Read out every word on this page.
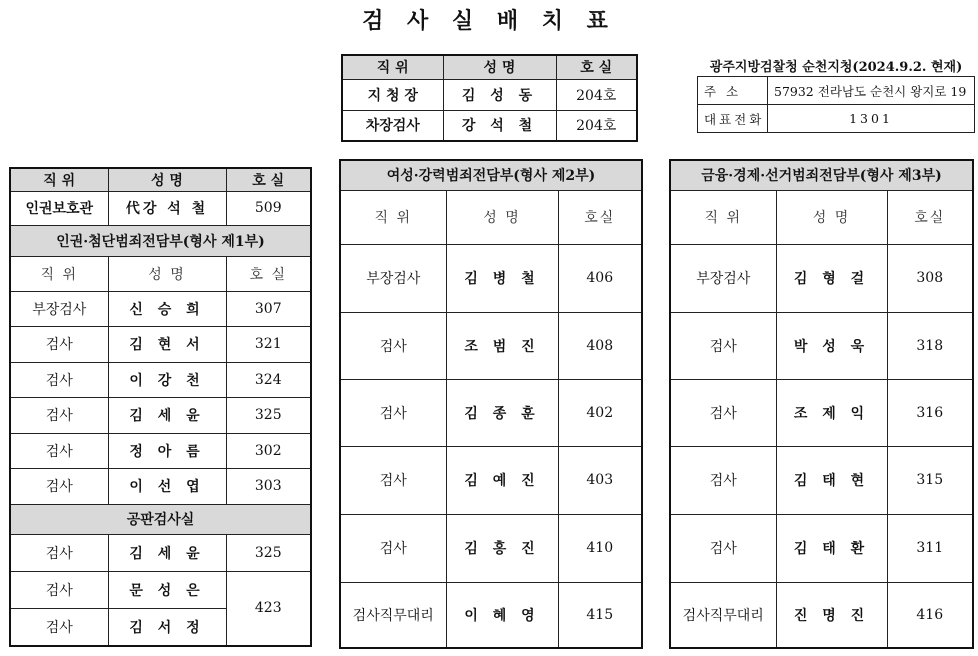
검 사 실 배 치 표
직 위	성 명	호 실
지 청 장	김 성 동	204호
차장검사	강 석 철	204호
광주지방검찰청 순천지청(2024.9.2. 현재)
주 소	57932 전라남도 순천시 왕지로 19
대표전화	1301
직 위	성 명	호 실
인권보호관	代강 석 철	509
인권·첨단범죄전담부(형사 제1부)		
직 위	성 명	호 실
부장검사	신 승 희	307
검사	김 현 서	321
검사	이 강 천	324
검사	김 세 윤	325
검사	정 아 름	302
검사	이 선 엽	303
공판검사실		
검사	김 세 윤	325
검사	문 성 은	423
검사	김 서 정	
여성·강력범죄전담부(형사 제2부)		
직 위	성 명	호실
부장검사	김 병 철	406
검사	조 범 진	408
검사	김 종 훈	402
검사	김 예 진	403
검사	김 홍 진	410
검사직무대리	이 혜 영	415
금융·경제·선거범죄전담부(형사 제3부)		
직 위	성 명	호실
부장검사	김 형 걸	308
검사	박 성 욱	318
검사	조 제 익	316
검사	김 태 현	315
검사	김 태 환	311
검사직무대리	진 명 진	416
